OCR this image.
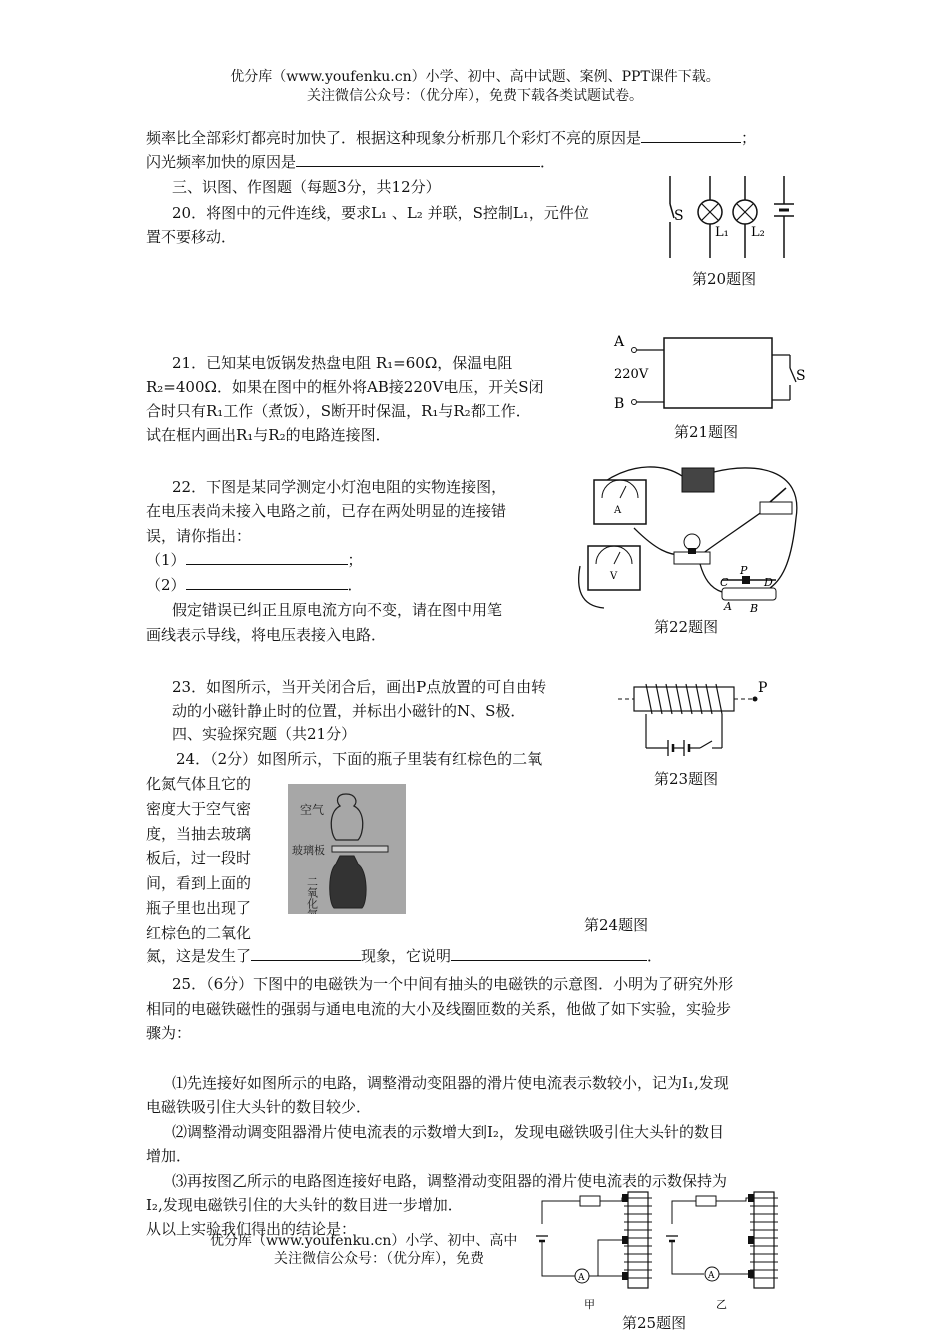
优分库（www.youfenku.cn）小学、初中、高中试题、案例、PPT课件下载。
关注微信公众号：（优分库），免费下载各类试题试卷。
频率比全部彩灯都亮时加快了．根据这种现象分析那几个彩灯不亮的原因是	；
闪光频率加快的原因是	．
三、识图、作图题（每题3分，共12分）
20．将图中的元件连线，要求L₁ 、L₂ 并联，S控制L₁，元件位
置不要移动．
S
L₁ L₂
第20题图
21．已知某电饭锅发热盘电阻 R₁=60Ω，保温电阻
R₂=400Ω．如果在图中的框外将AB接220V电压，开关S闭
合时只有R₁工作（煮饭），S断开时保温，R₁与R₂都工作．
试在框内画出R₁与R₂的电路连接图．
A
220V
B
S
第21题图
22．下图是某同学测定小灯泡电阻的实物连接图，
在电压表尚未接入电路之前，已存在两处明显的连接错
误，请你指出：
（1）	；
（2）	．
假定错误已纠正且原电流方向不变，请在图中用笔
画线表示导线，将电压表接入电路．
A
V	C
P
D
A B
第22题图
23．如图所示，当开关闭合后，画出P点放置的可自由转
动的小磁针静止时的位置，并标出小磁针的N、S极．
P
第23题图
四、实验探究题（共21分）
24．（2分）如图所示，下面的瓶子里装有红棕色的二氧
化氮气体且它的
密度大于空气密
度，当抽去玻璃
板后，过一段时
间，看到上面的
瓶子里也出现了
红棕色的二氧化
空气
玻璃板
二氧化氮
氮，这是发生了	现象，它说明	．
第24题图
25．（6分）下图中的电磁铁为一个中间有抽头的电磁铁的示意图．小明为了研究外形
相同的电磁铁磁性的强弱与通电电流的大小及线圈匝数的关系，他做了如下实验，实验步
骤为：
⑴先连接好如图所示的电路，调整滑动变阻器的滑片使电流表示数较小，记为I₁,发现
电磁铁吸引住大头针的数目较少．
⑵调整滑动调变阻器滑片使电流表的示数增大到I₂，发现电磁铁吸引住大头针的数目
增加．
⑶再按图乙所示的电路图连接好电路，调整滑动变阻器的滑片使电流表的示数保持为
I₂,发现电磁铁引住的大头针的数目进一步增加．
从以上实验我们得出的结论是：
A
甲
A
乙
第25题图
优分库（www.youfenku.cn）小学、初中、高中
关注微信公众号：（优分库），免费
